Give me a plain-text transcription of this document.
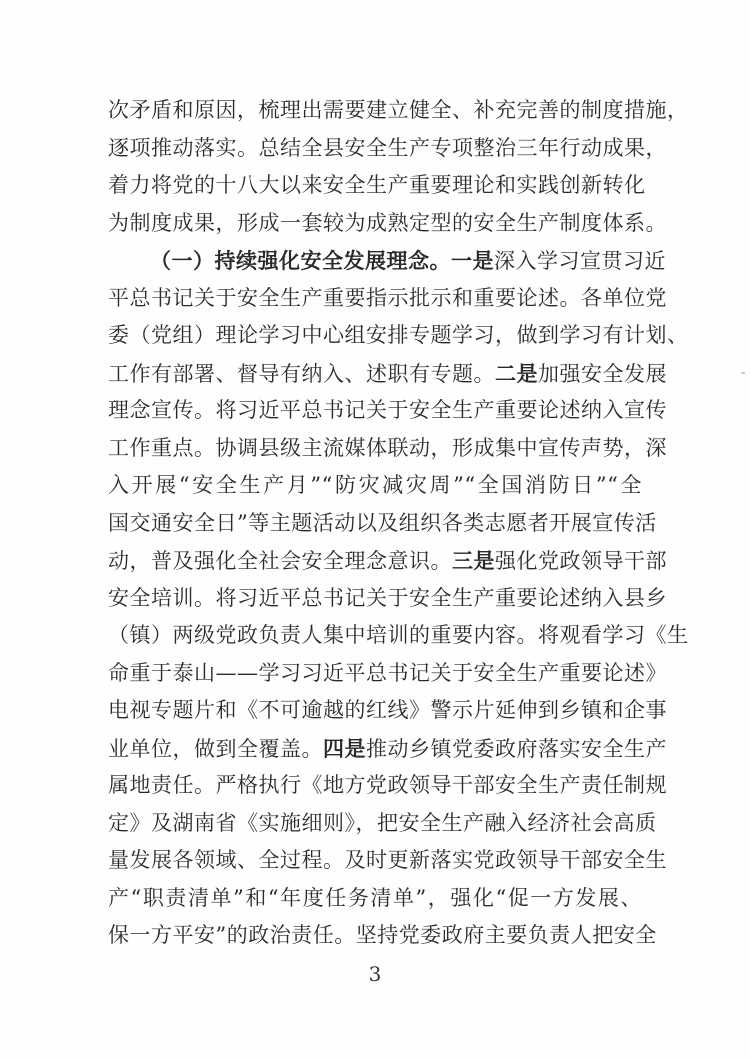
次矛盾和原因，梳理出需要建立健全、补充完善的制度措施，
逐项推动落实。总结全县安全生产专项整治三年行动成果，
着力将党的十八大以来安全生产重要理论和实践创新转化
为制度成果，形成一套较为成熟定型的安全生产制度体系。
（一）持续强化安全发展理念。一是深入学习宣贯习近
平总书记关于安全生产重要指示批示和重要论述。各单位党
委（党组）理论学习中心组安排专题学习，做到学习有计划、
工作有部署、督导有纳入、述职有专题。二是加强安全发展
理念宣传。将习近平总书记关于安全生产重要论述纳入宣传
工作重点。协调县级主流媒体联动，形成集中宣传声势，深
入开展“安全生产月”“防灾减灾周”“全国消防日”“全
国交通安全日”等主题活动以及组织各类志愿者开展宣传活
动，普及强化全社会安全理念意识。三是强化党政领导干部
安全培训。将习近平总书记关于安全生产重要论述纳入县乡
（镇）两级党政负责人集中培训的重要内容。将观看学习《生
命重于泰山——学习习近平总书记关于安全生产重要论述》
电视专题片和《不可逾越的红线》警示片延伸到乡镇和企事
业单位，做到全覆盖。四是推动乡镇党委政府落实安全生产
属地责任。严格执行《地方党政领导干部安全生产责任制规
定》及湖南省《实施细则》，把安全生产融入经济社会高质
量发展各领域、全过程。及时更新落实党政领导干部安全生
产“职责清单”和“年度任务清单”，强化“促一方发展、
保一方平安”的政治责任。坚持党委政府主要负责人把安全
3
